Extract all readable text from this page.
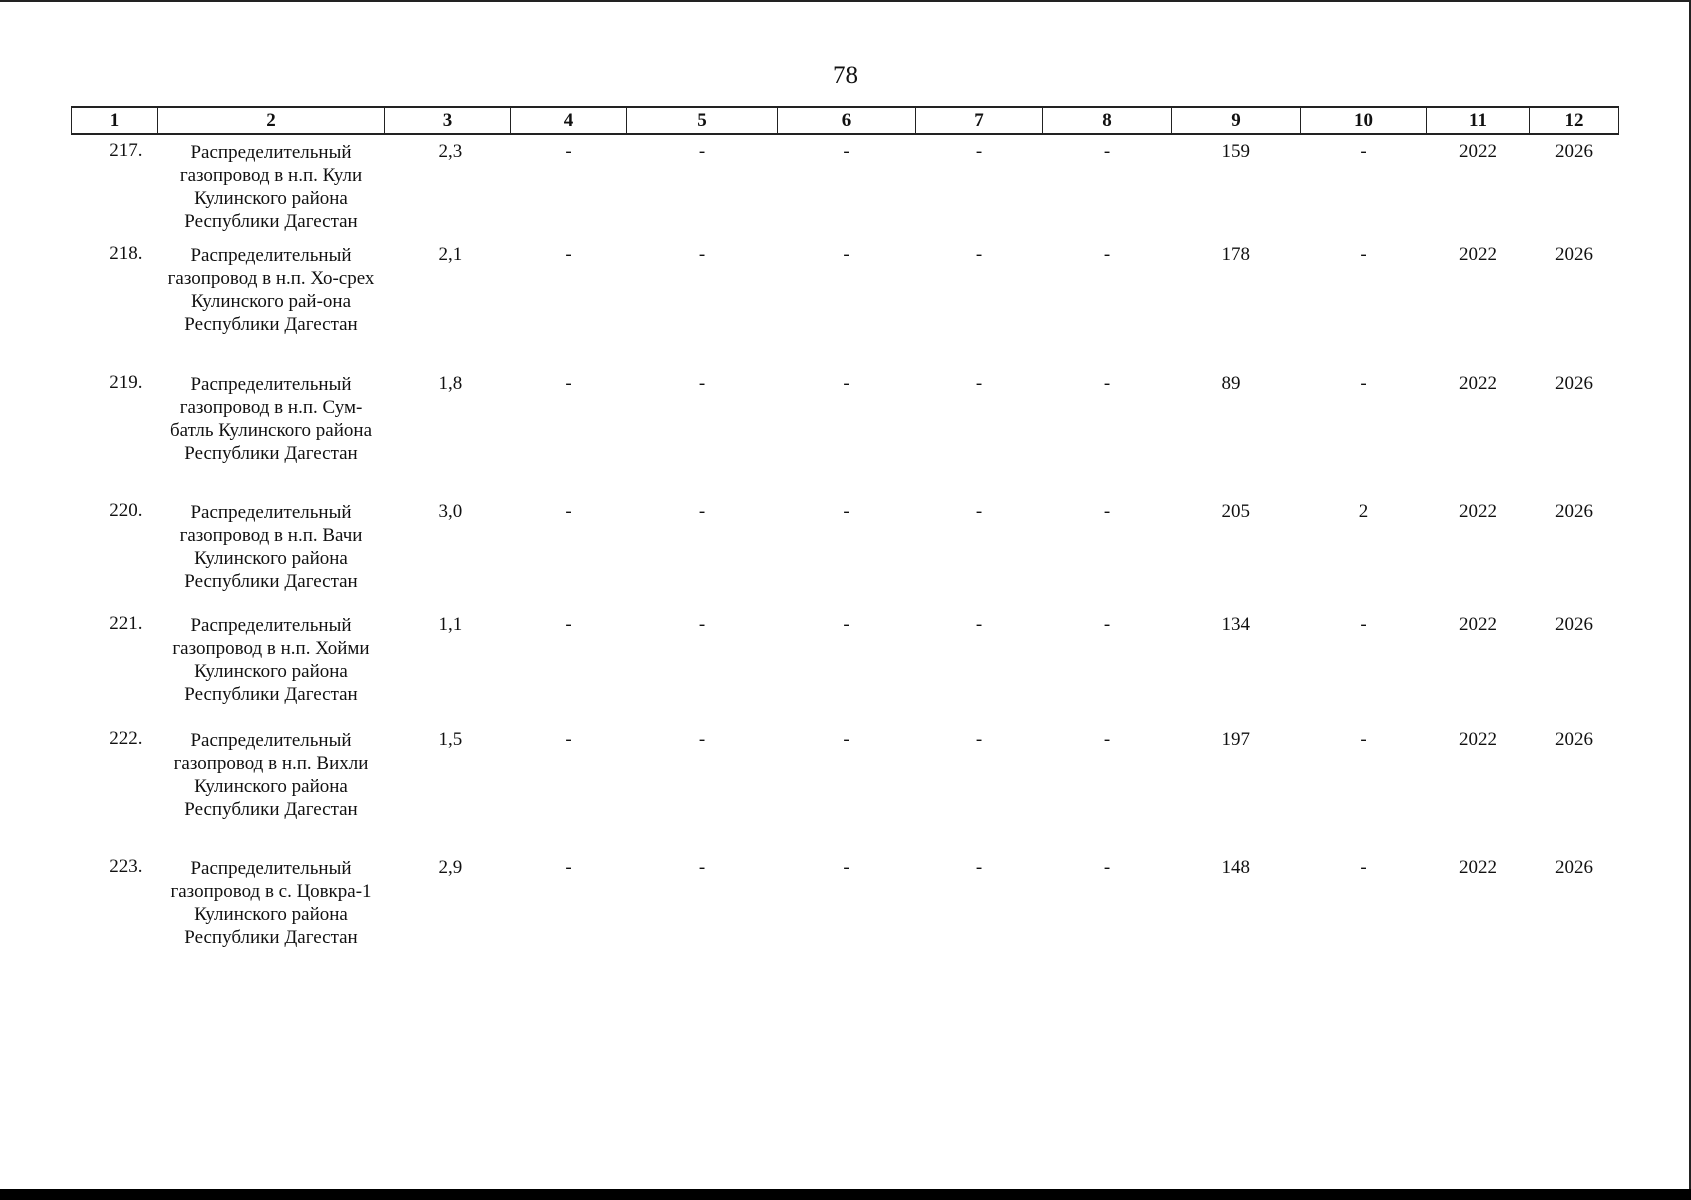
78
1	2	3	4	5	6	7	8	9	10	11	12
217.	Распределительный газопровод в н.п. Кули Кулинского района Республики Дагестан	2,3	-	-	-	-	-	159	-	2022	2026
218.	Распределительный газопровод в н.п. Хо-срех Кулинского рай-она Республики Дагестан	2,1	-	-	-	-	-	178	-	2022	2026
219.	Распределительный газопровод в н.п. Сум-батль Кулинского района Республики Дагестан	1,8	-	-	-	-	-	89	-	2022	2026
220.	Распределительный газопровод в н.п. Вачи Кулинского района Республики Дагестан	3,0	-	-	-	-	-	205	2	2022	2026
221.	Распределительный газопровод в н.п. Хойми Кулинского района Республики Дагестан	1,1	-	-	-	-	-	134	-	2022	2026
222.	Распределительный газопровод в н.п. Вихли Кулинского района Республики Дагестан	1,5	-	-	-	-	-	197	-	2022	2026
223.	Распределительный газопровод в с. Цовкра-1 Кулинского района Республики Дагестан	2,9	-	-	-	-	-	148	-	2022	2026
